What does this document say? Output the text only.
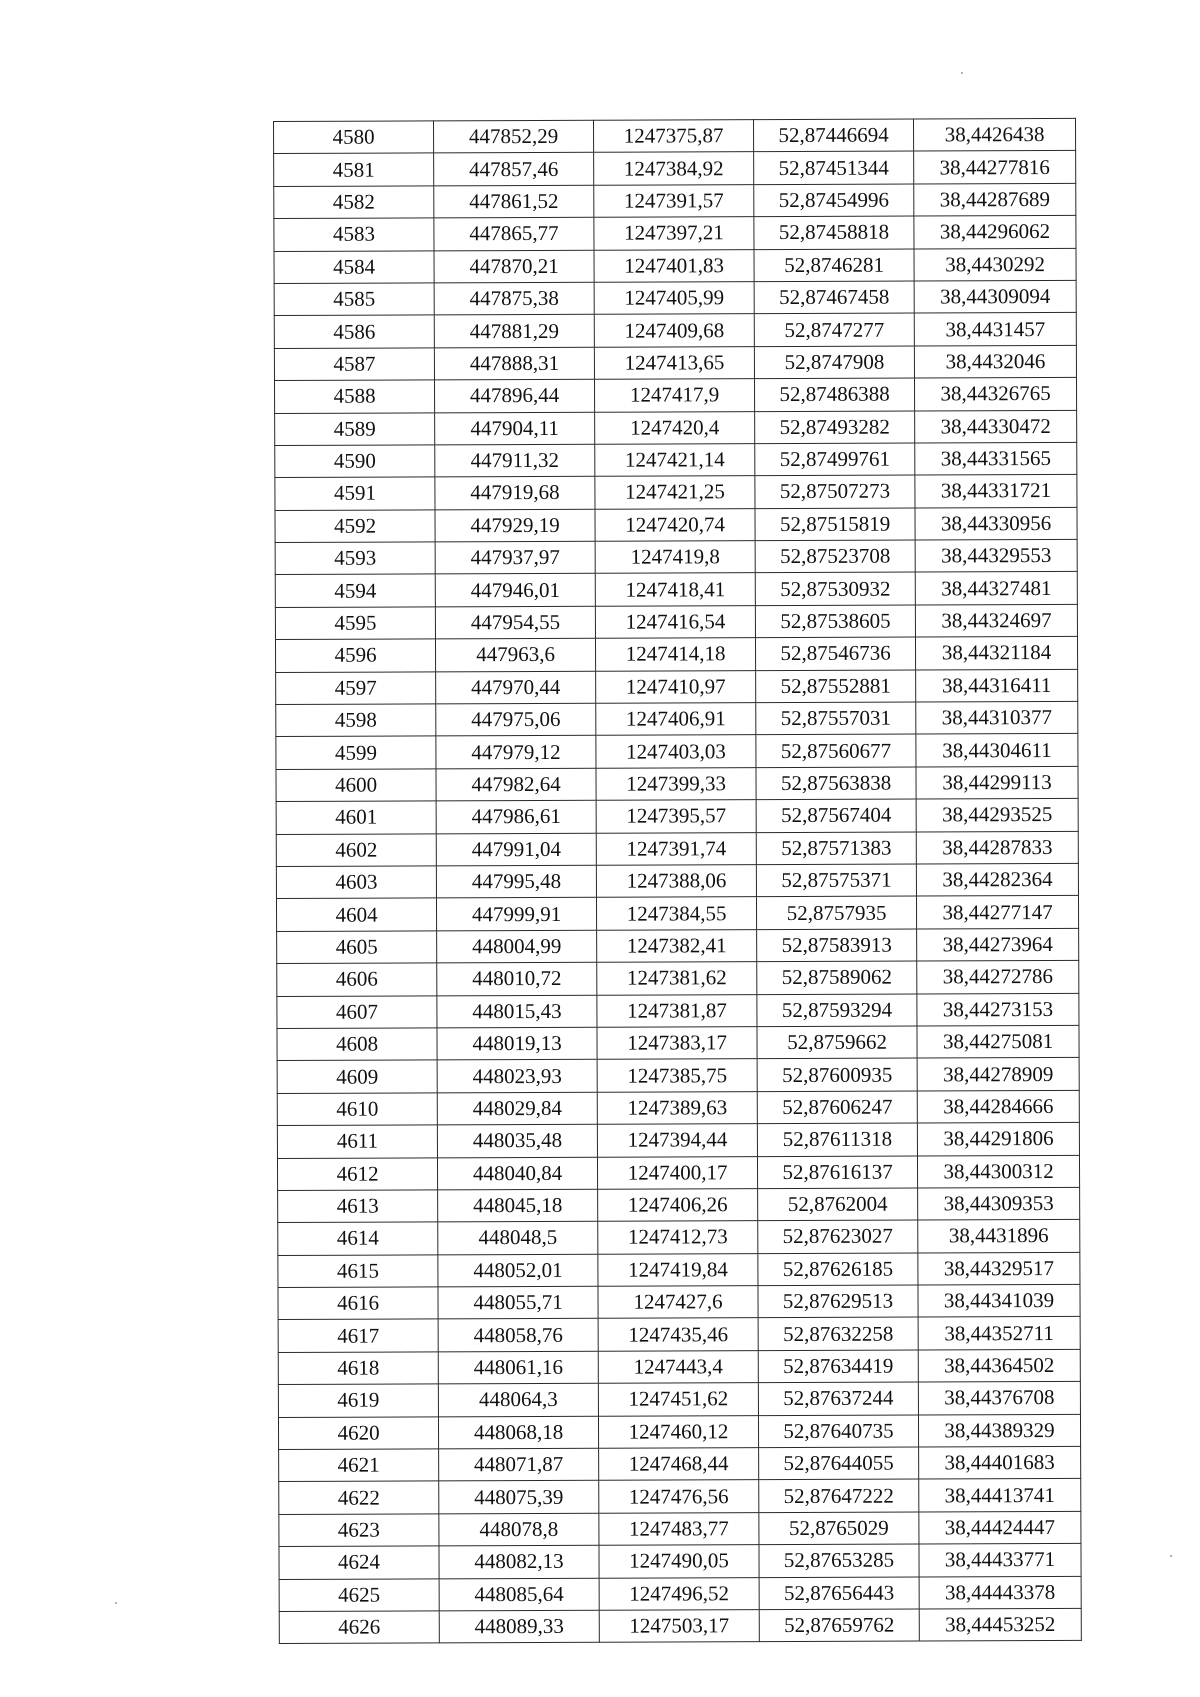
4580	447852,29	1247375,87	52,87446694	38,4426438
4581	447857,46	1247384,92	52,87451344	38,44277816
4582	447861,52	1247391,57	52,87454996	38,44287689
4583	447865,77	1247397,21	52,87458818	38,44296062
4584	447870,21	1247401,83	52,8746281	38,4430292
4585	447875,38	1247405,99	52,87467458	38,44309094
4586	447881,29	1247409,68	52,8747277	38,4431457
4587	447888,31	1247413,65	52,8747908	38,4432046
4588	447896,44	1247417,9	52,87486388	38,44326765
4589	447904,11	1247420,4	52,87493282	38,44330472
4590	447911,32	1247421,14	52,87499761	38,44331565
4591	447919,68	1247421,25	52,87507273	38,44331721
4592	447929,19	1247420,74	52,87515819	38,44330956
4593	447937,97	1247419,8	52,87523708	38,44329553
4594	447946,01	1247418,41	52,87530932	38,44327481
4595	447954,55	1247416,54	52,87538605	38,44324697
4596	447963,6	1247414,18	52,87546736	38,44321184
4597	447970,44	1247410,97	52,87552881	38,44316411
4598	447975,06	1247406,91	52,87557031	38,44310377
4599	447979,12	1247403,03	52,87560677	38,44304611
4600	447982,64	1247399,33	52,87563838	38,44299113
4601	447986,61	1247395,57	52,87567404	38,44293525
4602	447991,04	1247391,74	52,87571383	38,44287833
4603	447995,48	1247388,06	52,87575371	38,44282364
4604	447999,91	1247384,55	52,8757935	38,44277147
4605	448004,99	1247382,41	52,87583913	38,44273964
4606	448010,72	1247381,62	52,87589062	38,44272786
4607	448015,43	1247381,87	52,87593294	38,44273153
4608	448019,13	1247383,17	52,8759662	38,44275081
4609	448023,93	1247385,75	52,87600935	38,44278909
4610	448029,84	1247389,63	52,87606247	38,44284666
4611	448035,48	1247394,44	52,87611318	38,44291806
4612	448040,84	1247400,17	52,87616137	38,44300312
4613	448045,18	1247406,26	52,8762004	38,44309353
4614	448048,5	1247412,73	52,87623027	38,4431896
4615	448052,01	1247419,84	52,87626185	38,44329517
4616	448055,71	1247427,6	52,87629513	38,44341039
4617	448058,76	1247435,46	52,87632258	38,44352711
4618	448061,16	1247443,4	52,87634419	38,44364502
4619	448064,3	1247451,62	52,87637244	38,44376708
4620	448068,18	1247460,12	52,87640735	38,44389329
4621	448071,87	1247468,44	52,87644055	38,44401683
4622	448075,39	1247476,56	52,87647222	38,44413741
4623	448078,8	1247483,77	52,8765029	38,44424447
4624	448082,13	1247490,05	52,87653285	38,44433771
4625	448085,64	1247496,52	52,87656443	38,44443378
4626	448089,33	1247503,17	52,87659762	38,44453252
